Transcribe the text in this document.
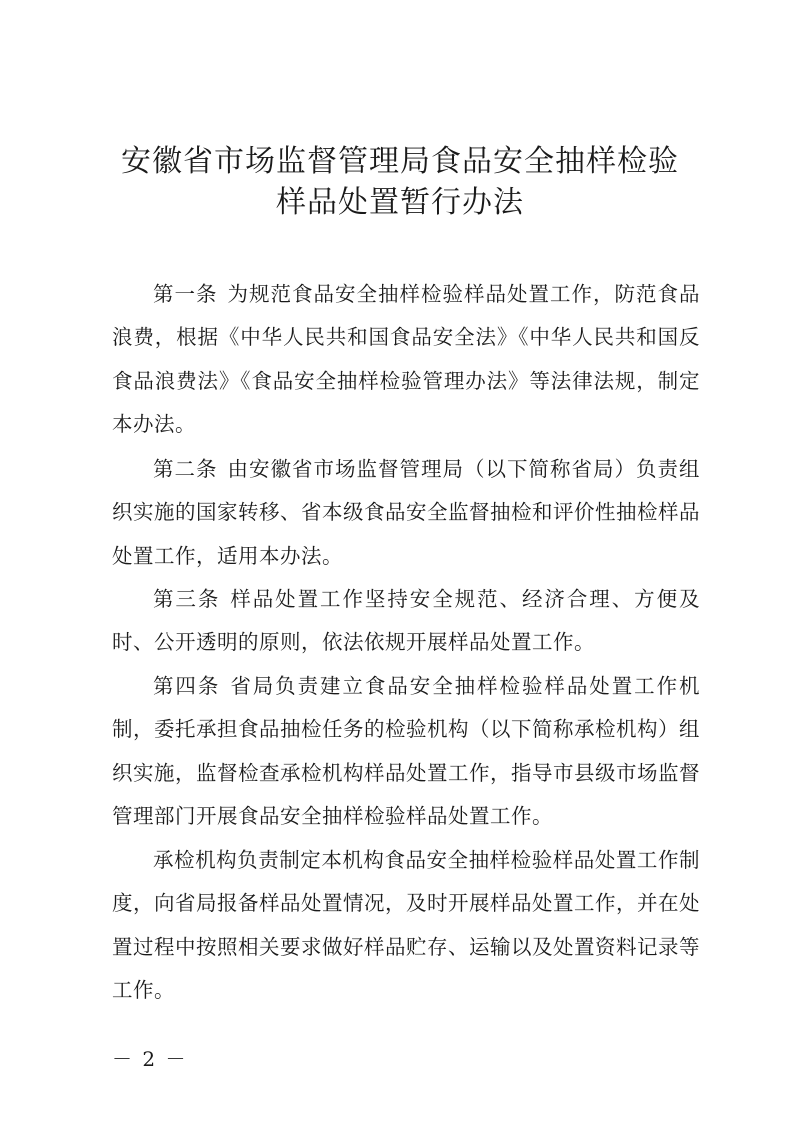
安徽省市场监督管理局食品安全抽样检验
样品处置暂行办法

第一条 为规范食品安全抽样检验样品处置工作，防范食品浪费，根据《中华人民共和国食品安全法》《中华人民共和国反食品浪费法》《食品安全抽样检验管理办法》等法律法规，制定本办法。

第二条 由安徽省市场监督管理局（以下简称省局）负责组织实施的国家转移、省本级食品安全监督抽检和评价性抽检样品处置工作，适用本办法。

第三条 样品处置工作坚持安全规范、经济合理、方便及时、公开透明的原则，依法依规开展样品处置工作。

第四条 省局负责建立食品安全抽样检验样品处置工作机制，委托承担食品抽检任务的检验机构（以下简称承检机构）组织实施，监督检查承检机构样品处置工作，指导市县级市场监督管理部门开展食品安全抽样检验样品处置工作。

承检机构负责制定本机构食品安全抽样检验样品处置工作制度，向省局报备样品处置情况，及时开展样品处置工作，并在处置过程中按照相关要求做好样品贮存、运输以及处置资料记录等工作。

－ 2 －
